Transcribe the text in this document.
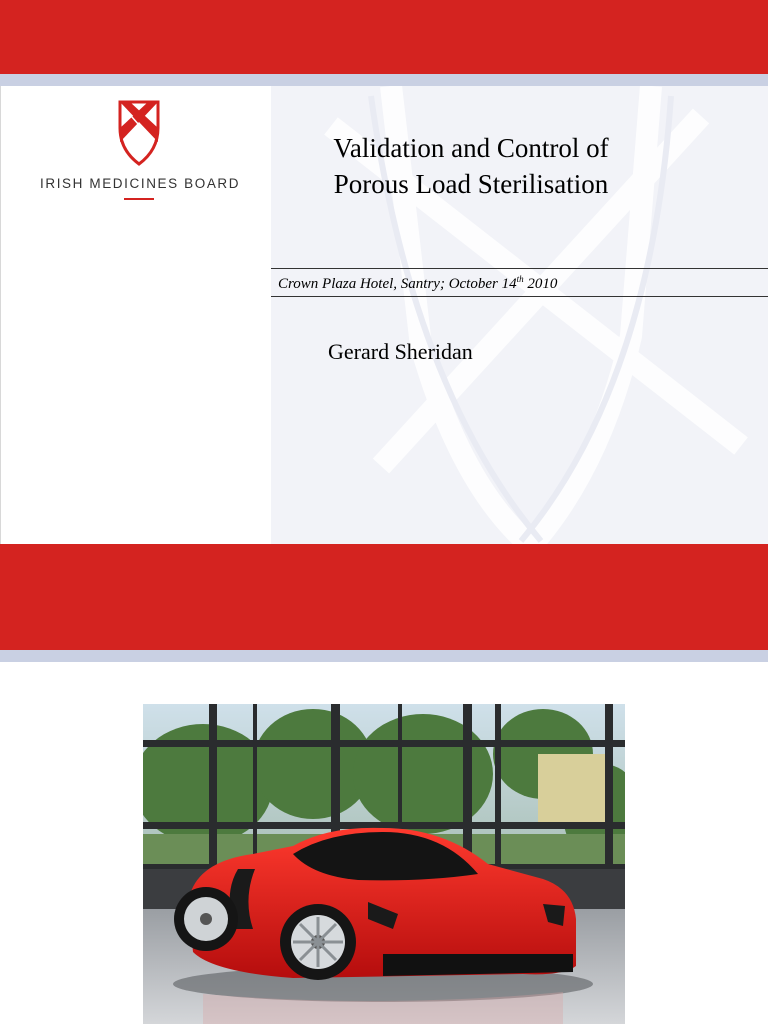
IRISH MEDICINES BOARD
Validation and Control of
Porous Load Sterilisation
Crown Plaza Hotel, Santry; October 14th 2010
Gerard Sheridan
